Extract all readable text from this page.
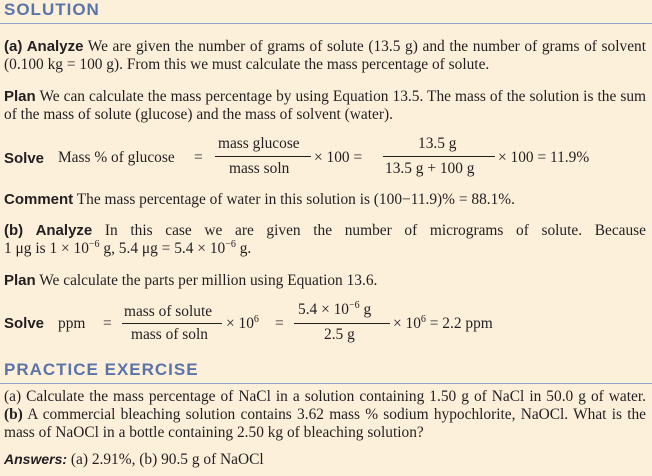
SOLUTION
(a) Analyze We are given the number of grams of solute (13.5 g) and the number of grams of solvent (0.100 kg = 100 g). From this we must calculate the mass percentage of solute.
Plan We can calculate the mass percentage by using Equation 13.5. The mass of the solution is the sum of the mass of solute (glucose) and the mass of solvent (water).
Solve Mass % of glucose =
mass glucose
mass soln
× 100 =
13.5 g
13.5 g + 100 g
× 100 = 11.9%
Comment The mass percentage of water in this solution is (100−11.9)% = 88.1%.
(b) Analyze In this case we are given the number of micrograms of solute. Because
1 μg is $1 \times 10^{-6}$ g, 5.4 $\mu g = 5.4 \times 10^{-6}$ g.
Plan We calculate the parts per million using Equation 13.6.
Solve ppm =
mass of solute
mass of soln
× $10^6$ =
$5.4 \times 10^{-6}$ g
2.5 g
× $10^6 = 2.2$ ppm
PRACTICE EXERCISE
(a) Calculate the mass percentage of NaCl in a solution containing 1.50 g of NaCl in 50.0 g of water. (b) A commercial bleaching solution contains 3.62 mass % sodium hypochlorite, NaOCl. What is the mass of NaOCl in a bottle containing 2.50 kg of bleaching solution?
Answers: (a) 2.91%, (b) 90.5 g of NaOCl
